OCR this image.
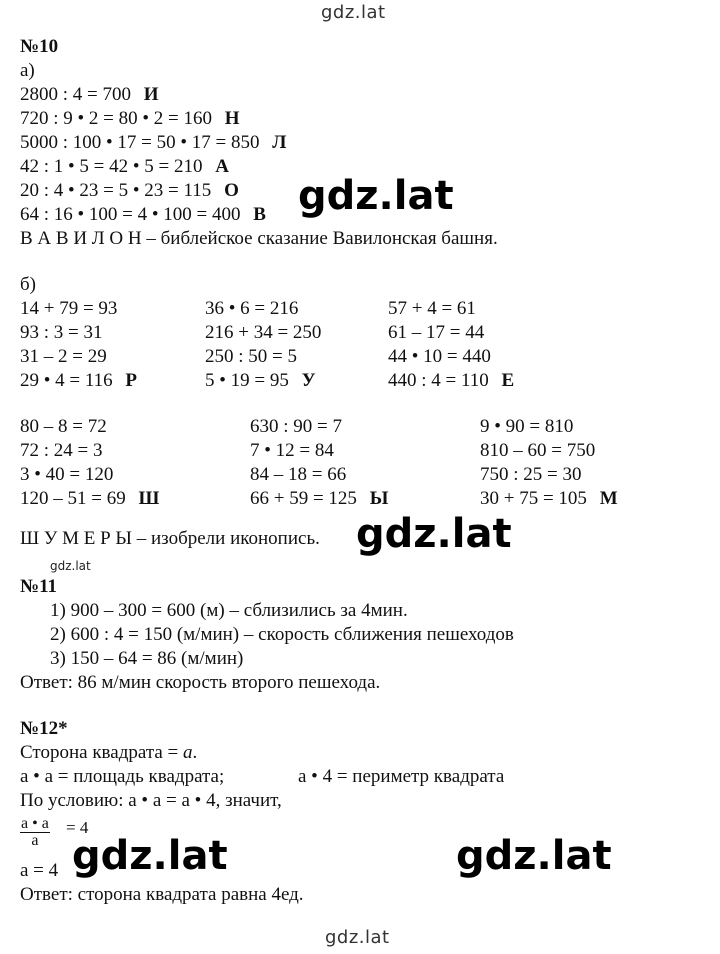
gdz.lat
gdz.lat
gdz.lat
gdz.lat
gdz.lat	gdz.lat
gdz.lat
№10
а)
2800 : 4 = 700 И
720 : 9 • 2 = 80 • 2 = 160 Н
5000 : 100 • 17 = 50 • 17 = 850 Л
42 : 1 • 5 = 42 • 5 = 210 А
20 : 4 • 23 = 5 • 23 = 115 О
64 : 16 • 100 = 4 • 100 = 400 В
В А В И Л О Н – библейское сказание Вавилонская башня.
б)
14 + 79 = 93
93 : 3 = 31
31 – 2 = 29
29 • 4 = 116 Р
36 • 6 = 216
216 + 34 = 250
250 : 50 = 5
5 • 19 = 95 У
57 + 4 = 61
61 – 17 = 44
44 • 10 = 440
440 : 4 = 110 Е
80 – 8 = 72
72 : 24 = 3
3 • 40 = 120
120 – 51 = 69 Ш
630 : 90 = 7
7 • 12 = 84
84 – 18 = 66
66 + 59 = 125 Ы
9 • 90 = 810
810 – 60 = 750
750 : 25 = 30
30 + 75 = 105 М
Ш У М Е Р Ы – изобрели иконопись.
№11
1) 900 – 300 = 600 (м) – сблизились за 4мин.
2) 600 : 4 = 150 (м/мин) – скорость сближения пешеходов
3) 150 – 64 = 86 (м/мин)
Ответ: 86 м/мин скорость второго пешехода.
№12*
Сторона квадрата = a.
а • а = площадь квадрата;	а • 4 = периметр квадрата
По условию: а • а = а • 4, значит,
а • а
а
= 4
а = 4
Ответ: сторона квадрата равна 4ед.
